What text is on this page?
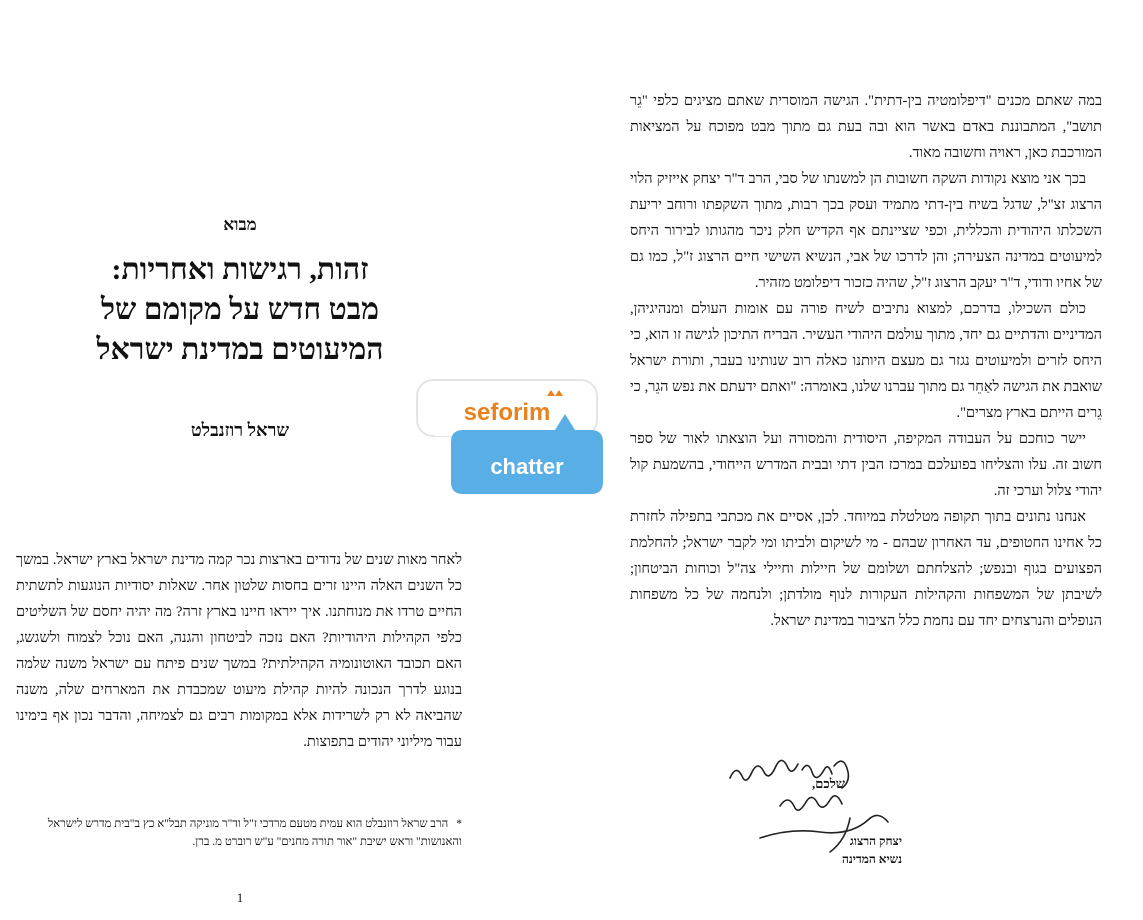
מבוא
זהות, רגישות ואחריות:
מבט חדש על מקומם של
המיעוטים במדינת ישראל
שראל רוזנבלט
seforim
chatter
לאחר מאות שנים של נדודים בארצות נכר קמה מדינת ישראל בארץ ישראל. במשך כל השנים האלה היינו זרים בחסות שלטון אחר. שאלות יסודיות הנוגעות לתשתית החיים טרדו את מנוחתנו. איך ייראו חיינו בארץ זרה? מה יהיה יחסם של השליטים כלפי הקהילות היהודיות? האם נזכה לביטחון והגנה, האם נוכל לצמוח ולשגשג, האם תכובד האוטונומיה הקהילתית? במשך שנים פיתח עם ישראל משנה שלמה בנוגע לדרך הנכונה להיות קהילת מיעוט שמכבדת את המארחים שלה, משנה שהביאה לא רק לשרידות אלא במקומות רבים גם לצמיחה, והדבר נכון אף בימינו עבור מיליוני יהודים בתפוצות.
*
הרב שראל רוזנבלט הוא עמית מטעם מרדכי ז"ל וד"ר מוניקה תבל"א כץ ב"בית מדרש לישראל והאנושות" וראש ישיבת "אור תורה מחנים" ע"ש רוברט מ. ברן.
1

במה שאתם מכנים "דיפלומטיה בין-דתית". הגישה המוסרית שאתם מציגים כלפי "גֵר תושב", המתבוננת באדם באשר הוא ובה בעת גם מתוך מבט מפוכח על המציאות המורכבת כאן, ראויה וחשובה מאוד.

בכך אני מוצא נקודות השקה חשובות הן למשנתו של סבי, הרב ד"ר יצחק אייזיק הלוי הרצוג זצ"ל, שדגל בשיח בין-דתי מתמיד ועסק בכך רבות, מתוך השקפתו ורוחב יריעת השכלתו היהודית והכללית, וכפי שציינתם אף הקדיש חלק ניכר מהגותו לבירור היחס למיעוטים במדינה הצעירה; והן לדרכו של אבי, הנשיא השישי חיים הרצוג ז"ל, כמו גם של אחיו ודודי, ד"ר יעקב הרצוג ז"ל, שהיה כזכור דיפלומט מזהיר.

כולם השכילו, בדרכם, למצוא נתיבים לשיח פורה עם אומות העולם ומנהיגיהן, המדיניים והדתיים גם יחד, מתוך עולמם היהודי העשיר. הבריח התיכון לגישה זו הוא, כי היחס לזרים ולמיעוטים נגזר גם מעצם היותנו כאלה רוב שנותינו בעבר, ותורת ישראל שואבת את הגישה לאַחֵר גם מתוך עברנו שלנו, באומרה: "ואתם ידעתם את נפש הגֵר, כי גֵרים הייתם בארץ מצרים".

יישר כוחכם על העבודה המקיפה, היסודית והמסורה ועל הוצאתו לאור של ספר חשוב זה. עלו והצליחו בפועלכם במרכז הבין דתי ובבית המדרש הייחודי, בהשמעת קול יהודי צלול וערכי זה.

אנחנו נתונים בתוך תקופה מטלטלת במיוחד. לכן, אסיים את מכתבי בתפילה לחזרת כל אחינו החטופים, עד האחרון שבהם - מי לשיקום ולביתו ומי לקבר ישראל; להחלמת הפצועים בגוף ובנפש; להצלחתם ושלומם של חיילות וחיילי צה"ל וכוחות הביטחון; לשיבתן של המשפחות והקהילות העקורות לנוף מולדתן; ולנחמה של כל משפחות הנופלים והנרצחים יחד עם נחמת כלל הציבור במדינת ישראל.

שלכם,
יצחק הרצוג
נשיא המדינה
